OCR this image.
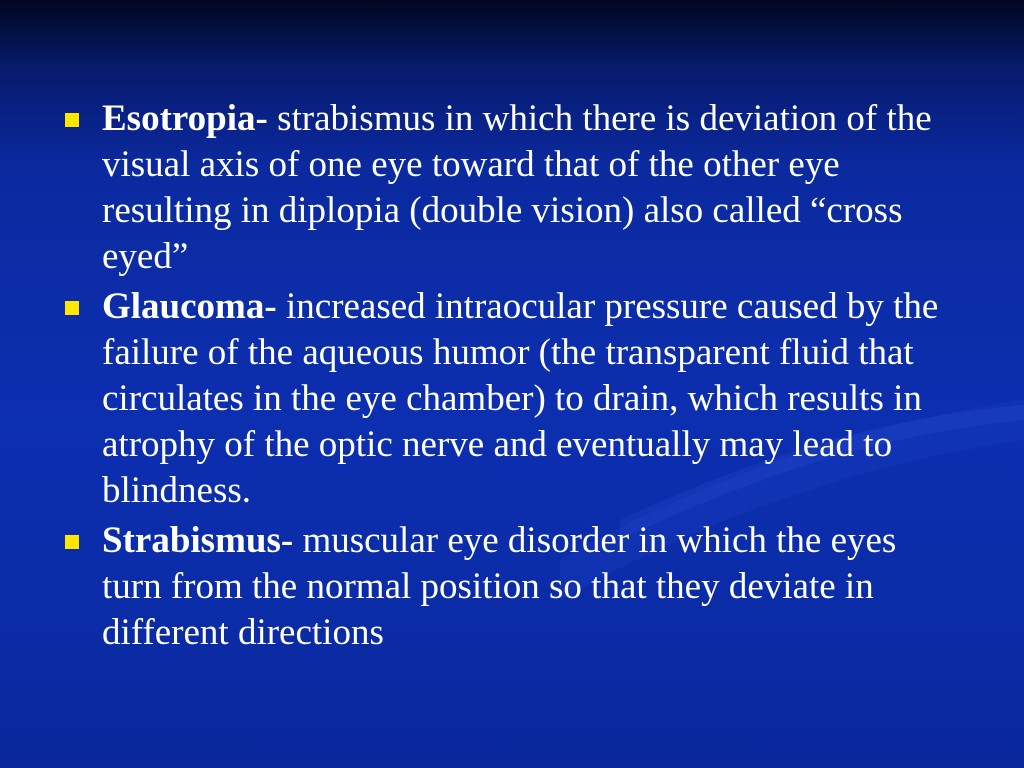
Esotropia- strabismus in which there is deviation of the visual axis of one eye toward that of the other eye resulting in diplopia (double vision) also called “cross eyed”
Glaucoma- increased intraocular pressure caused by the failure of the aqueous humor (the transparent fluid that circulates in the eye chamber) to drain, which results in atrophy of the optic nerve and eventually may lead to blindness.
Strabismus- muscular eye disorder in which the eyes turn from the normal position so that they deviate in different directions
